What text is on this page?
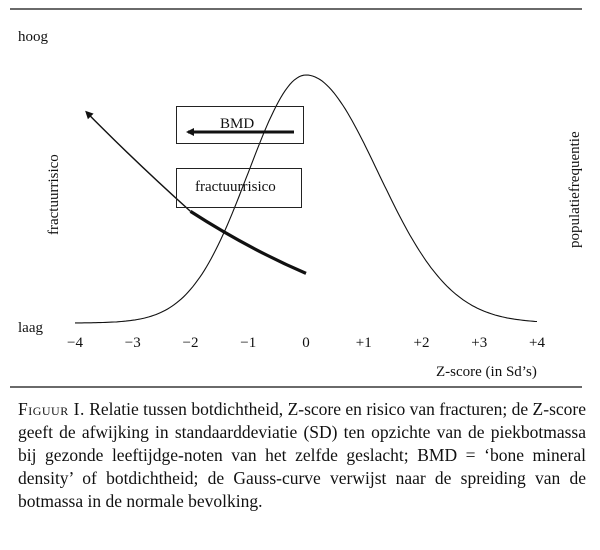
hoog
laag
fractuurrisico	populatiefrequentie
−4	−3	−2	−1	0	+1	+2	+3	+4
Z-score (in Sd’s)
BMD
fractuurrisico
Figuur I. Relatie tussen botdichtheid, Z-score en risico van fracturen; de Z-score geeft de afwijking in standaarddeviatie (SD) ten opzichte van de piekbotmassa bij gezonde leeftijdge-noten van het zelfde geslacht; BMD = ‘bone mineral density’ of botdichtheid; de Gauss-curve verwijst naar de spreiding van de botmassa in de normale bevolking.
